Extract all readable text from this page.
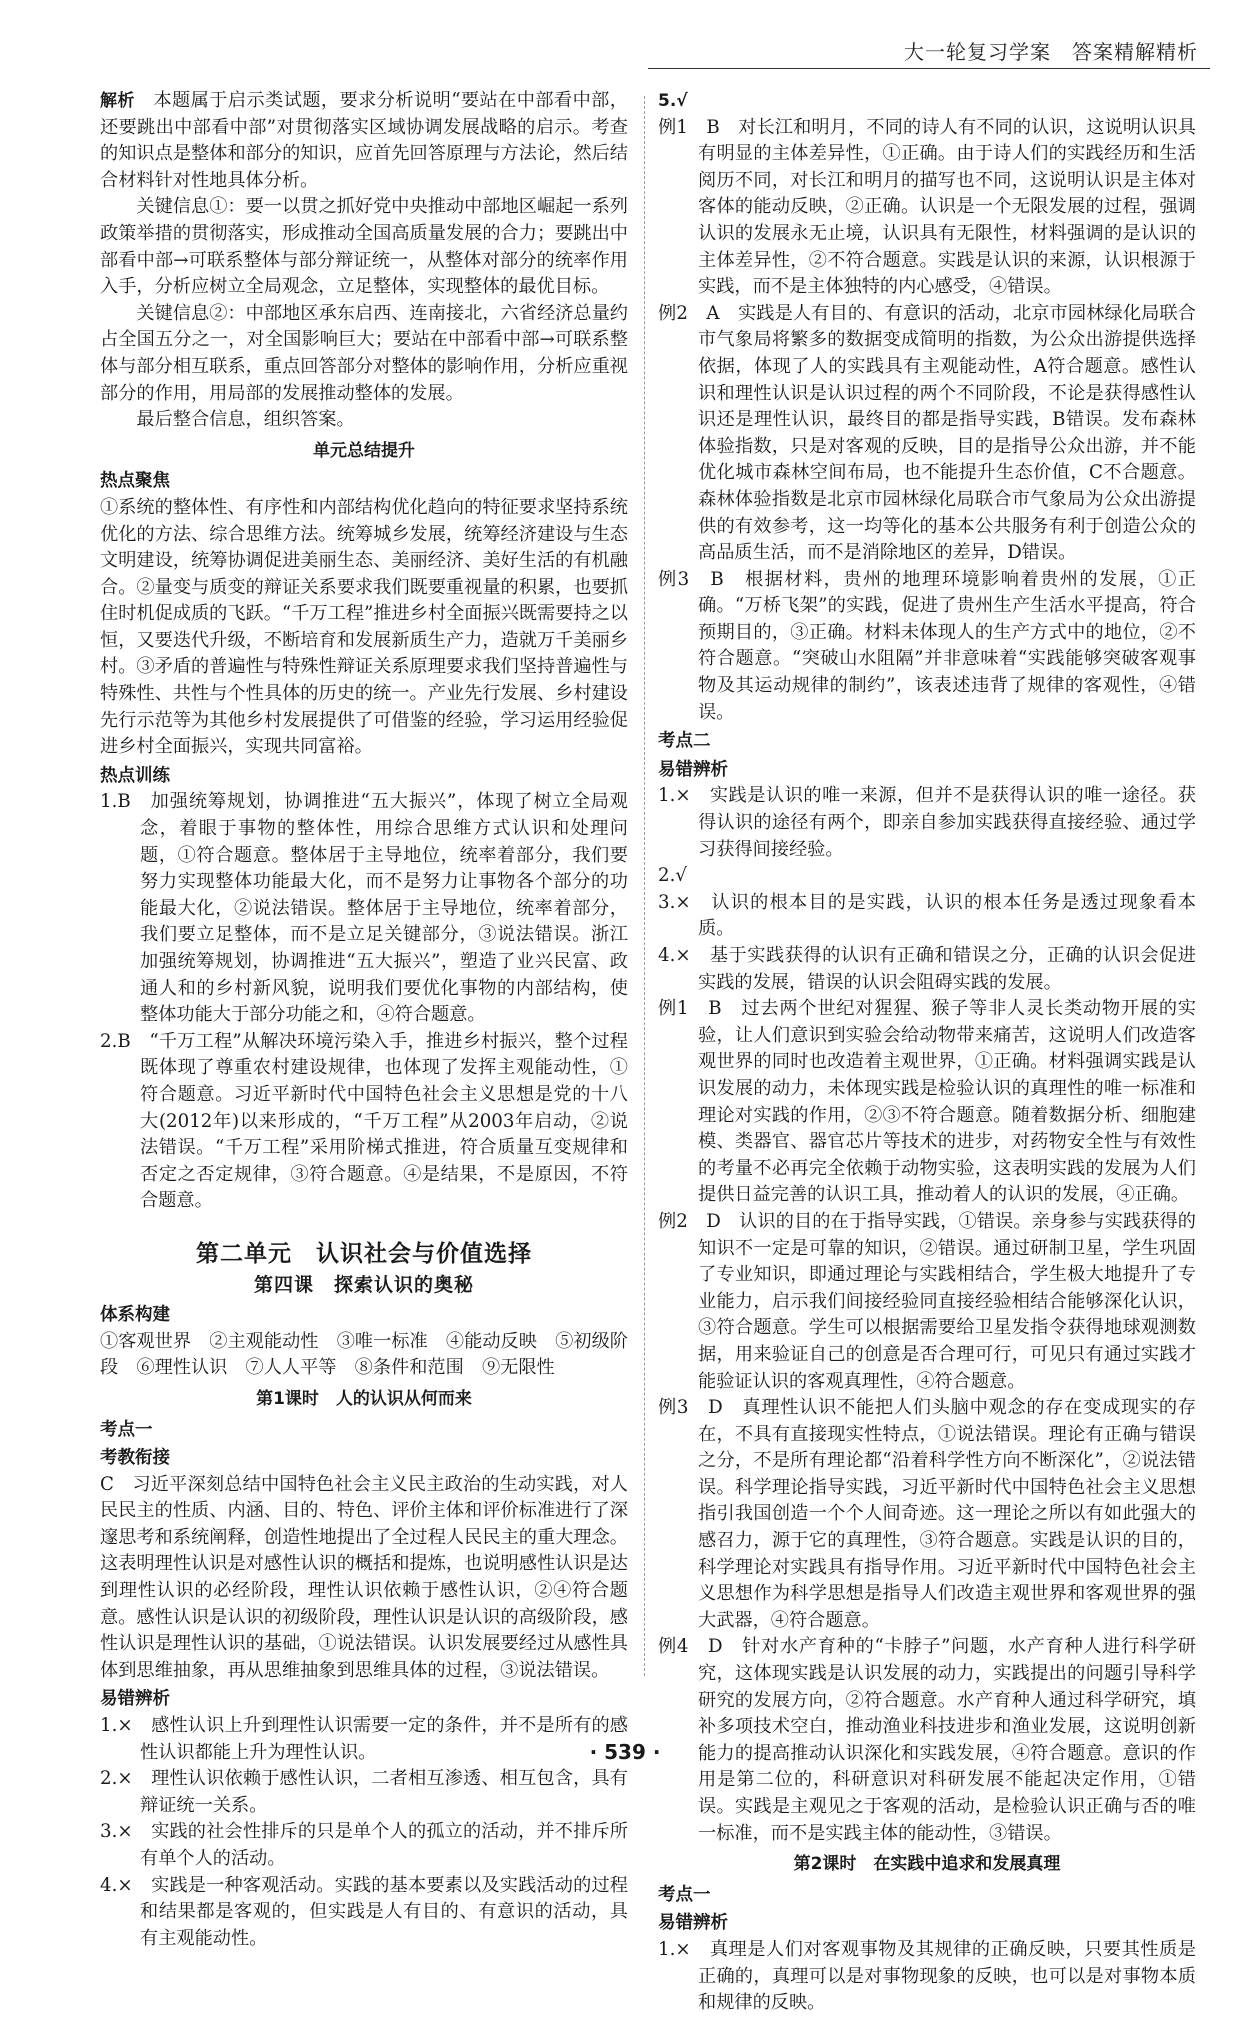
大一轮复习学案　答案精解精析

解析　 本题属于启示类试题，要求分析说明“要站在中部看中部，还要跳出中部看中部”对贯彻落实区域协调发展战略的启示。考查的知识点是整体和部分的知识，应首先回答原理与方法论，然后结合材料针对性地具体分析。

关键信息①：要一以贯之抓好党中央推动中部地区崛起一系列政策举措的贯彻落实，形成推动全国高质量发展的合力；要跳出中部看中部→可联系整体与部分辩证统一，从整体对部分的统率作用入手，分析应树立全局观念，立足整体，实现整体的最优目标。

关键信息②：中部地区承东启西、连南接北，六省经济总量约占全国五分之一，对全国影响巨大；要站在中部看中部→可联系整体与部分相互联系，重点回答部分对整体的影响作用，分析应重视部分的作用，用局部的发展推动整体的发展。

最后整合信息，组织答案。

单元总结提升
热点聚焦

①系统的整体性、有序性和内部结构优化趋向的特征要求坚持系统优化的方法、综合思维方法。统筹城乡发展，统筹经济建设与生态文明建设，统筹协调促进美丽生态、美丽经济、美好生活的有机融合。②量变与质变的辩证关系要求我们既要重视量的积累，也要抓住时机促成质的飞跃。“千万工程”推进乡村全面振兴既需要持之以恒，又要迭代升级，不断培育和发展新质生产力，造就万千美丽乡村。③矛盾的普遍性与特殊性辩证关系原理要求我们坚持普遍性与特殊性、共性与个性具体的历史的统一。产业先行发展、乡村建设先行示范等为其他乡村发展提供了可借鉴的经验，学习运用经验促进乡村全面振兴，实现共同富裕。

热点训练

1.B　加强统筹规划，协调推进“五大振兴”，体现了树立全局观念，着眼于事物的整体性，用综合思维方式认识和处理问题，①符合题意。整体居于主导地位，统率着部分，我们要努力实现整体功能最大化，而不是努力让事物各个部分的功能最大化，②说法错误。整体居于主导地位，统率着部分，我们要立足整体，而不是立足关键部分，③说法错误。浙江加强统筹规划，协调推进“五大振兴”，塑造了业兴民富、政通人和的乡村新风貌，说明我们要优化事物的内部结构，使整体功能大于部分功能之和，④符合题意。

2.B　“千万工程”从解决环境污染入手，推进乡村振兴，整个过程既体现了尊重农村建设规律，也体现了发挥主观能动性，①符合题意。习近平新时代中国特色社会主义思想是党的十八大(2012年)以来形成的，“千万工程”从2003年启动，②说法错误。“千万工程”采用阶梯式推进，符合质量互变规律和否定之否定规律，③符合题意。④是结果，不是原因，不符合题意。

第二单元　认识社会与价值选择
第四课　探索认识的奥秘
体系构建

①客观世界　②主观能动性　③唯一标准　④能动反映　⑤初级阶段　⑥理性认识　⑦人人平等　⑧条件和范围　⑨无限性

第1课时　人的认识从何而来
考点一
考教衔接

C　习近平深刻总结中国特色社会主义民主政治的生动实践，对人民民主的性质、内涵、目的、特色、评价主体和评价标准进行了深邃思考和系统阐释，创造性地提出了全过程人民民主的重大理念。这表明理性认识是对感性认识的概括和提炼，也说明感性认识是达到理性认识的必经阶段，理性认识依赖于感性认识，②④符合题意。感性认识是认识的初级阶段，理性认识是认识的高级阶段，感性认识是理性认识的基础，①说法错误。认识发展要经过从感性具体到思维抽象，再从思维抽象到思维具体的过程，③说法错误。

易错辨析

1.×　感性认识上升到理性认识需要一定的条件，并不是所有的感性认识都能上升为理性认识。

2.×　理性认识依赖于感性认识，二者相互渗透、相互包含，具有辩证统一关系。

3.×　实践的社会性排斥的只是单个人的孤立的活动，并不排斥所有单个人的活动。

4.×　实践是一种客观活动。实践的基本要素以及实践活动的过程和结果都是客观的，但实践是人有目的、有意识的活动，具有主观能动性。

5.√

例1　B　对长江和明月，不同的诗人有不同的认识，这说明认识具有明显的主体差异性，①正确。由于诗人们的实践经历和生活阅历不同，对长江和明月的描写也不同，这说明认识是主体对客体的能动反映，②正确。认识是一个无限发展的过程，强调认识的发展永无止境，认识具有无限性，材料强调的是认识的主体差异性，②不符合题意。实践是认识的来源，认识根源于实践，而不是主体独特的内心感受，④错误。

例2　A　实践是人有目的、有意识的活动，北京市园林绿化局联合市气象局将繁多的数据变成简明的指数，为公众出游提供选择依据，体现了人的实践具有主观能动性，A符合题意。感性认识和理性认识是认识过程的两个不同阶段，不论是获得感性认识还是理性认识，最终目的都是指导实践，B错误。发布森林体验指数，只是对客观的反映，目的是指导公众出游，并不能优化城市森林空间布局，也不能提升生态价值，C不合题意。森林体验指数是北京市园林绿化局联合市气象局为公众出游提供的有效参考，这一均等化的基本公共服务有利于创造公众的高品质生活，而不是消除地区的差异，D错误。

例3　B　根据材料，贵州的地理环境影响着贵州的发展，①正确。“万桥飞架”的实践，促进了贵州生产生活水平提高，符合预期目的，③正确。材料未体现人的生产方式中的地位，②不符合题意。“突破山水阻隔”并非意味着“实践能够突破客观事物及其运动规律的制约”，该表述违背了规律的客观性，④错误。

考点二
易错辨析

1.×　实践是认识的唯一来源，但并不是获得认识的唯一途径。获得认识的途径有两个，即亲自参加实践获得直接经验、通过学习获得间接经验。

2.√

3.×　认识的根本目的是实践，认识的根本任务是透过现象看本质。

4.×　基于实践获得的认识有正确和错误之分，正确的认识会促进实践的发展，错误的认识会阻碍实践的发展。

例1　B　过去两个世纪对猩猩、猴子等非人灵长类动物开展的实验，让人们意识到实验会给动物带来痛苦，这说明人们改造客观世界的同时也改造着主观世界，①正确。材料强调实践是认识发展的动力，未体现实践是检验认识的真理性的唯一标准和理论对实践的作用，②③不符合题意。随着数据分析、细胞建模、类器官、器官芯片等技术的进步，对药物安全性与有效性的考量不必再完全依赖于动物实验，这表明实践的发展为人们提供日益完善的认识工具，推动着人的认识的发展，④正确。

例2　D　认识的目的在于指导实践，①错误。亲身参与实践获得的知识不一定是可靠的知识，②错误。通过研制卫星，学生巩固了专业知识，即通过理论与实践相结合，学生极大地提升了专业能力，启示我们间接经验同直接经验相结合能够深化认识，③符合题意。学生可以根据需要给卫星发指令获得地球观测数据，用来验证自己的创意是否合理可行，可见只有通过实践才能验证认识的客观真理性，④符合题意。

例3　D　真理性认识不能把人们头脑中观念的存在变成现实的存在，不具有直接现实性特点，①说法错误。理论有正确与错误之分，不是所有理论都“沿着科学性方向不断深化”，②说法错误。科学理论指导实践，习近平新时代中国特色社会主义思想指引我国创造一个个人间奇迹。这一理论之所以有如此强大的感召力，源于它的真理性，③符合题意。实践是认识的目的，科学理论对实践具有指导作用。习近平新时代中国特色社会主义思想作为科学思想是指导人们改造主观世界和客观世界的强大武器，④符合题意。

例4　D　针对水产育种的“卡脖子”问题，水产育种人进行科学研究，这体现实践是认识发展的动力，实践提出的问题引导科学研究的发展方向，②符合题意。水产育种人通过科学研究，填补多项技术空白，推动渔业科技进步和渔业发展，这说明创新能力的提高推动认识深化和实践发展，④符合题意。意识的作用是第二位的，科研意识对科研发展不能起决定作用，①错误。实践是主观见之于客观的活动，是检验认识正确与否的唯一标准，而不是实践主体的能动性，③错误。

第2课时　在实践中追求和发展真理
考点一
易错辨析

1.×　真理是人们对客观事物及其规律的正确反映，只要其性质是正确的，真理可以是对事物现象的反映，也可以是对事物本质和规律的反映。

· 539 ·
